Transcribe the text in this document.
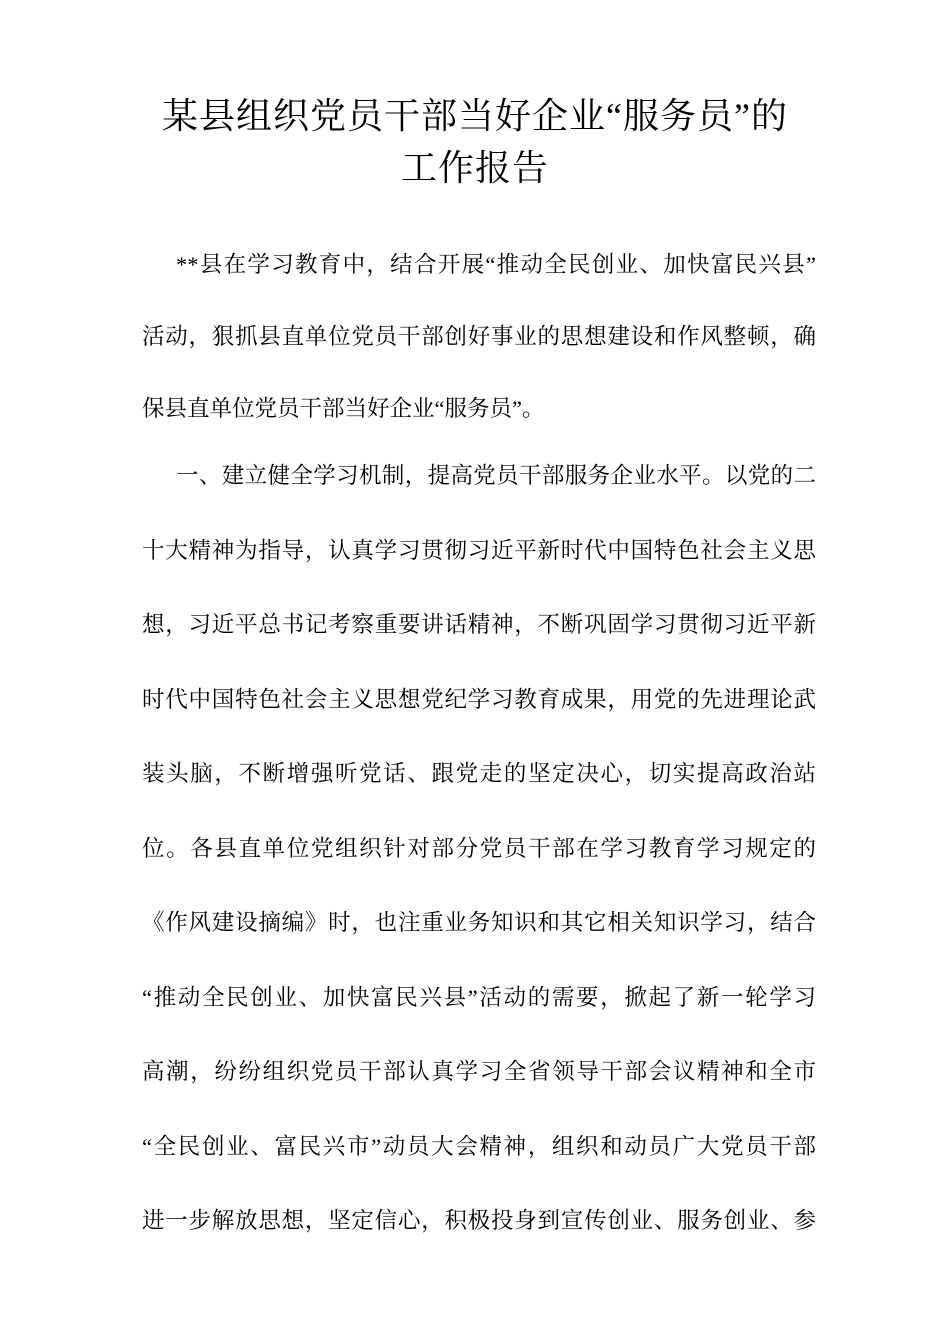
某县组织党员干部当好企业“服务员”的
工作报告
**县在学习教育中，结合开展“推动全民创业、加快富民兴县”
活动，狠抓县直单位党员干部创好事业的思想建设和作风整顿，确
保县直单位党员干部当好企业“服务员”。
一、建立健全学习机制，提高党员干部服务企业水平。以党的二
十大精神为指导，认真学习贯彻习近平新时代中国特色社会主义思
想，习近平总书记考察重要讲话精神，不断巩固学习贯彻习近平新
时代中国特色社会主义思想党纪学习教育成果，用党的先进理论武
装头脑，不断增强听党话、跟党走的坚定决心，切实提高政治站
位。各县直单位党组织针对部分党员干部在学习教育学习规定的
《作风建设摘编》时，也注重业务知识和其它相关知识学习，结合
“推动全民创业、加快富民兴县”活动的需要，掀起了新一轮学习
高潮，纷纷组织党员干部认真学习全省领导干部会议精神和全市
“全民创业、富民兴市”动员大会精神，组织和动员广大党员干部
进一步解放思想，坚定信心，积极投身到宣传创业、服务创业、参
